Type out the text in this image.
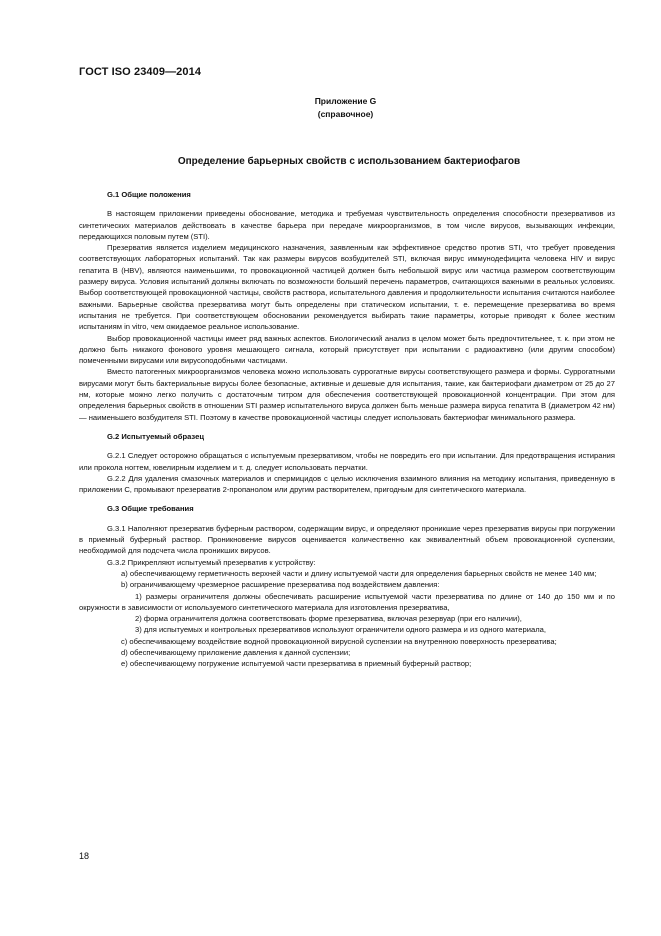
ГОСТ ISO 23409—2014
Приложение G
(справочное)
Определение барьерных свойств с использованием бактериофагов

G.1 Общие положения

В настоящем приложении приведены обоснование, методика и требуемая чувствительность определения способности презервативов из синтетических материалов действовать в качестве барьера при передаче микроорганизмов, в том числе вирусов, вызывающих инфекции, передающихся половым путем (STI).

Презерватив является изделием медицинского назначения, заявленным как эффективное средство против STI, что требует проведения соответствующих лабораторных испытаний. Так как размеры вирусов возбудителей STI, включая вирус иммунодефицита человека HIV и вирус гепатита В (HBV), являются наименьшими, то провокационной частицей должен быть небольшой вирус или частица размером соответствующим размеру вируса. Условия испытаний должны включать по возможности больший перечень параметров, считающихся важными в реальных условиях. Выбор соответствующей провокационной частицы, свойств раствора, испытательного давления и продолжительности испытания считаются наиболее важными. Барьерные свойства презерватива могут быть определены при статическом испытании, т. е. перемещение презерватива во время испытания не требуется. При соответствующем обосновании рекомендуется выбирать такие параметры, которые приводят к более жестким испытаниям in vitro, чем ожидаемое реальное использование.

Выбор провокационной частицы имеет ряд важных аспектов. Биологический анализ в целом может быть предпочтительнее, т. к. при этом не должно быть никакого фонового уровня мешающего сигнала, который присутствует при испытании с радиоактивно (или другим способом) помеченными вирусами или вирусоподобными частицами.

Вместо патогенных микроорганизмов человека можно использовать суррогатные вирусы соответствующего размера и формы. Суррогатными вирусами могут быть бактериальные вирусы более безопасные, активные и дешевые для испытания, такие, как бактериофаги диаметром от 25 до 27 нм, которые можно легко получить с достаточным титром для обеспечения соответствующей провокационной концентрации. При этом для определения барьерных свойств в отношении STI размер испытательного вируса должен быть меньше размера вируса гепатита В (диаметром 42 нм) — наименьшего возбудителя STI. Поэтому в качестве провокационной частицы следует использовать бактериофаг минимального размера.

G.2 Испытуемый образец

G.2.1 Следует осторожно обращаться с испытуемым презервативом, чтобы не повредить его при испытании. Для предотвращения истирания или прокола ногтем, ювелирным изделием и т. д. следует использовать перчатки.

G.2.2 Для удаления смазочных материалов и спермицидов с целью исключения взаимного влияния на методику испытания, приведенную в приложении С, промывают презерватив 2-пропанолом или другим растворителем, пригодным для синтетического материала.

G.3 Общие требования

G.3.1 Наполняют презерватив буферным раствором, содержащим вирус, и определяют проникшие через презерватив вирусы при погружении в приемный буферный раствор. Проникновение вирусов оценивается количественно как эквивалентный объем провокационной суспензии, необходимой для подсчета числа проникших вирусов.

G.3.2 Прикрепляют испытуемый презерватив к устройству:

а) обеспечивающему герметичность верхней части и длину испытуемой части для определения барьерных свойств не менее 140 мм;

b) ограничивающему чрезмерное расширение презерватива под воздействием давления:

1) размеры ограничителя должны обеспечивать расширение испытуемой части презерватива по длине от 140 до 150 мм и по окружности в зависимости от используемого синтетического материала для изготовления презерватива,

2) форма ограничителя должна соответствовать форме презерватива, включая резервуар (при его наличии),

3) для испытуемых и контрольных презервативов используют ограничители одного размера и из одного материала,

с) обеспечивающему воздействие водной провокационной вирусной суспензии на внутреннюю поверхность презерватива;

d) обеспечивающему приложение давления к данной суспензии;

е) обеспечивающему погружение испытуемой части презерватива в приемный буферный раствор;

18
